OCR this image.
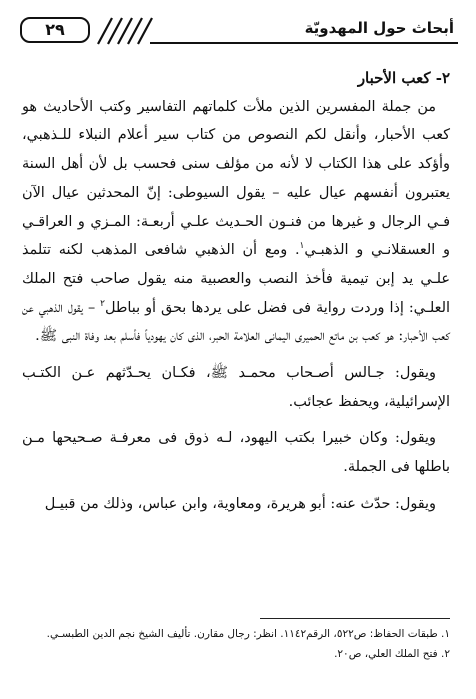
٢٩	أبحاث حول المهدويّة

٢- كعب الأحبار

من جملة المفسرين الذين ملأت كلماتهم التفاسير وكتب الأحاديث هو كعب الأحبار، وأنقل لكم النصوص من كتاب سير أعلام النبلاء للـذهبي، وأؤكد على هذا الكتاب لا لأنه من مؤلف سنى فحسب بل لأن أهل السنة يعتبرون أنفسهم عيال عليه – يقول السيوطى: إنّ المحدثين عيال الآن فـي الرجال و غيرها من فنـون الحـديث علـي أربعـة: المـزي و العراقـي و العسقلانـي و الذهبـي$^١$. ومع أن الذهبي شافعى المذهب لكنه تتلمذ علـي يد إبن تيمية فأخذ النصب والعصبية منه يقول صاحب فتح الملك العلـي: إذا وردت رواية فى فضل على يردها بحق أو بباطل$^٢$ – يقول الذهبي عن كعب الأحبار: هو كعب بن ماتع الحميرى اليمانى العلامة الحبر، الذى كان يهودياً فأسلم بعد وفاة النبى ﷺ.

ويقول: جـالس أصـحاب محمـد ﷺ، فكـان يحـدّثهم عـن الكتـب الإسرائيلية، ويحفظ عجائب.

ويقول: وكان خبيرا بكتب اليهود، لـه ذوق فى معرفـة صـحيحها مـن باطلها فى الجملة.

ويقول: حدّث عنه: أبو هريرة، ومعاوية، وابن عباس، وذلك من قبيـل

١. طبقات الحفاظ: ص٥٢٢، الرقم١١٤٢. انظر: رجال مقارن. تأليف الشيخ نجم الدين الطبسـي.
٢. فتح الملك العلي، ص٢٠.
